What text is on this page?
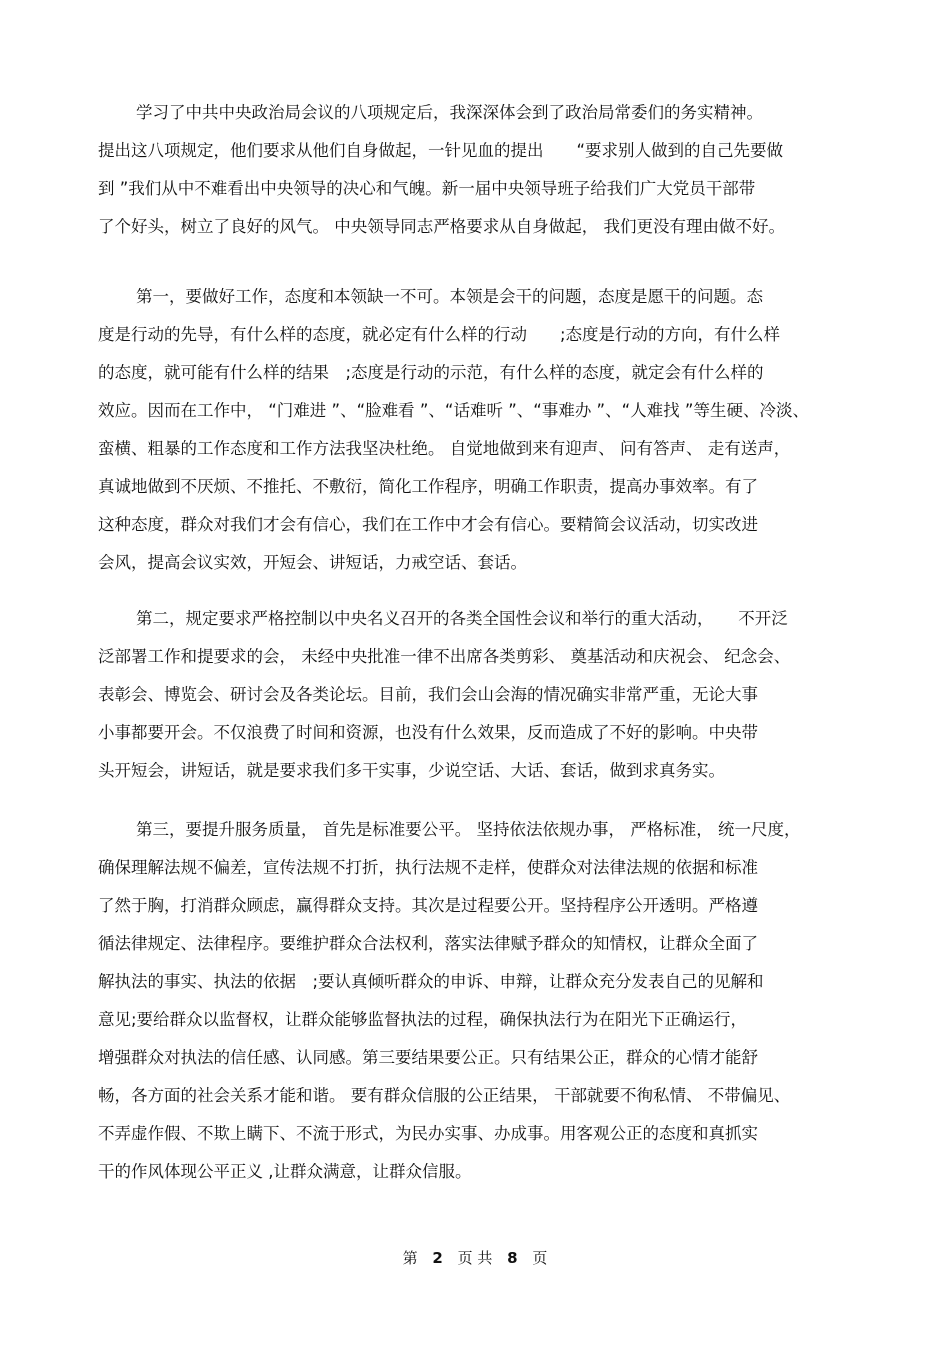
学习了中共中央政治局会议的八项规定后，我深深体会到了政治局常委们的务实精神。
提出这八项规定，他们要求从他们自身做起，一针见血的提出　　“要求别人做到的自己先要做
到 ”我们从中不难看出中央领导的决心和气魄。新一届中央领导班子给我们广大党员干部带
了个好头，树立了良好的风气。 中央领导同志严格要求从自身做起， 我们更没有理由做不好。
第一，要做好工作，态度和本领缺一不可。本领是会干的问题，态度是愿干的问题。态
度是行动的先导，有什么样的态度，就必定有什么样的行动　　;态度是行动的方向，有什么样
的态度，就可能有什么样的结果　;态度是行动的示范，有什么样的态度，就定会有什么样的
效应。因而在工作中， “门难进 ”、“脸难看 ”、“话难听 ”、“事难办 ”、“人难找 ”等生硬、冷淡、
蛮横、粗暴的工作态度和工作方法我坚决杜绝。 自觉地做到来有迎声、 问有答声、 走有送声，
真诚地做到不厌烦、不推托、不敷衍，简化工作程序，明确工作职责，提高办事效率。有了
这种态度，群众对我们才会有信心，我们在工作中才会有信心。要精简会议活动，切实改进
会风，提高会议实效，开短会、讲短话，力戒空话、套话。
第二，规定要求严格控制以中央名义召开的各类全国性会议和举行的重大活动，　　不开泛
泛部署工作和提要求的会， 未经中央批准一律不出席各类剪彩、 奠基活动和庆祝会、 纪念会、
表彰会、博览会、研讨会及各类论坛。目前，我们会山会海的情况确实非常严重，无论大事
小事都要开会。不仅浪费了时间和资源，也没有什么效果，反而造成了不好的影响。中央带
头开短会，讲短话，就是要求我们多干实事，少说空话、大话、套话，做到求真务实。
第三，要提升服务质量， 首先是标准要公平。 坚持依法依规办事， 严格标准， 统一尺度，
确保理解法规不偏差，宣传法规不打折，执行法规不走样，使群众对法律法规的依据和标准
了然于胸，打消群众顾虑，赢得群众支持。其次是过程要公开。坚持程序公开透明。严格遵
循法律规定、法律程序。要维护群众合法权利，落实法律赋予群众的知情权，让群众全面了
解执法的事实、执法的依据　;要认真倾听群众的申诉、申辩，让群众充分发表自己的见解和
意见;要给群众以监督权，让群众能够监督执法的过程，确保执法行为在阳光下正确运行，
增强群众对执法的信任感、认同感。第三要结果要公正。只有结果公正，群众的心情才能舒
畅，各方面的社会关系才能和谐。 要有群众信服的公正结果， 干部就要不徇私情、 不带偏见、
不弄虚作假、不欺上瞒下、不流于形式，为民办实事、办成事。用客观公正的态度和真抓实
干的作风体现公平正义 ,让群众满意，让群众信服。
第 2 页 共 8 页
